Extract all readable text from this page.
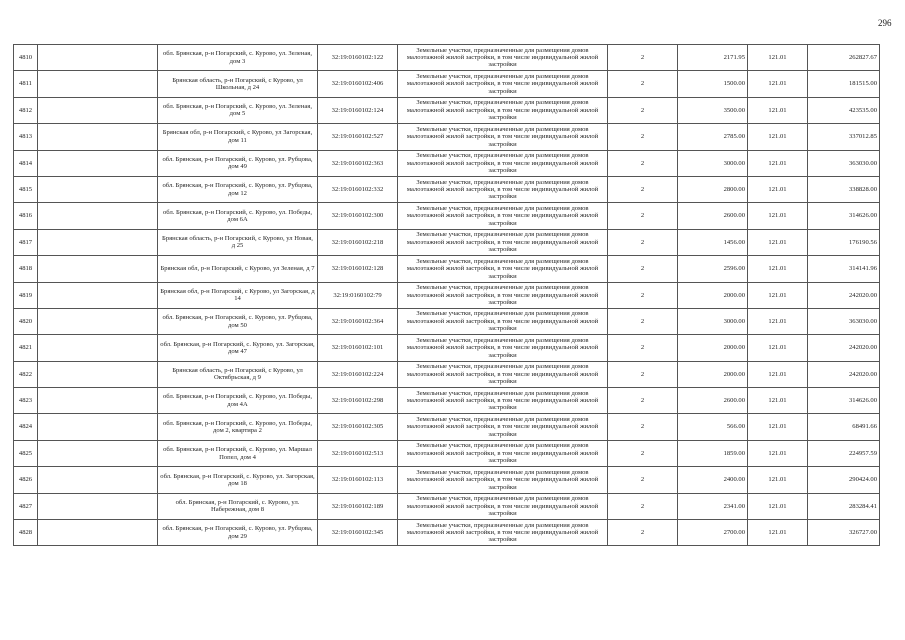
296
4810		обл. Брянская, р-н Погарский, с. Курово, ул. Зеленая, дом 3	32:19:0160102:122	Земельные участки, предназначенные для размещения домов малоэтажной жилой застройки, в том числе индивидуальной жилой застройки	2	2171.95	121.01	262827.67
4811		Брянская область, р-н Погарский, с Курово, ул Школьная, д 24	32:19:0160102:406	Земельные участки, предназначенные для размещения домов малоэтажной жилой застройки, в том числе индивидуальной жилой застройки	2	1500.00	121.01	181515.00
4812		обл. Брянская, р-н Погарский, с. Курово, ул. Зеленая, дом 5	32:19:0160102:124	Земельные участки, предназначенные для размещения домов малоэтажной жилой застройки, в том числе индивидуальной жилой застройки	2	3500.00	121.01	423535.00
4813		Брянская обл, р-н Погарский, с Курово, ул Загорская, дом 11	32:19:0160102:527	Земельные участки, предназначенные для размещения домов малоэтажной жилой застройки, в том числе индивидуальной жилой застройки	2	2785.00	121.01	337012.85
4814		обл. Брянская, р-н Погарский, с. Курово, ул. Рубцова, дом 49	32:19:0160102:363	Земельные участки, предназначенные для размещения домов малоэтажной жилой застройки, в том числе индивидуальной жилой застройки	2	3000.00	121.01	363030.00
4815		обл. Брянская, р-н Погарский, с. Курово, ул. Рубцова, дом 12	32:19:0160102:332	Земельные участки, предназначенные для размещения домов малоэтажной жилой застройки, в том числе индивидуальной жилой застройки	2	2800.00	121.01	338828.00
4816		обл. Брянская, р-н Погарский, с. Курово, ул. Победы, дом 6А	32:19:0160102:300	Земельные участки, предназначенные для размещения домов малоэтажной жилой застройки, в том числе индивидуальной жилой застройки	2	2600.00	121.01	314626.00
4817		Брянская область, р-н Погарский, с Курово, ул Новая, д 25	32:19:0160102:218	Земельные участки, предназначенные для размещения домов малоэтажной жилой застройки, в том числе индивидуальной жилой застройки	2	1456.00	121.01	176190.56
4818		Брянская обл, р-н Погарский, с Курово, ул Зеленая, д 7	32:19:0160102:128	Земельные участки, предназначенные для размещения домов малоэтажной жилой застройки, в том числе индивидуальной жилой застройки	2	2596.00	121.01	314141.96
4819		Брянская обл, р-н Погарский, с Курово, ул Загорская, д 14	32:19:0160102:79	Земельные участки, предназначенные для размещения домов малоэтажной жилой застройки, в том числе индивидуальной жилой застройки	2	2000.00	121.01	242020.00
4820		обл. Брянская, р-н Погарский, с. Курово, ул. Рубцова, дом 50	32:19:0160102:364	Земельные участки, предназначенные для размещения домов малоэтажной жилой застройки, в том числе индивидуальной жилой застройки	2	3000.00	121.01	363030.00
4821		обл. Брянская, р-н Погарский, с. Курово, ул. Загорская, дом 47	32:19:0160102:101	Земельные участки, предназначенные для размещения домов малоэтажной жилой застройки, в том числе индивидуальной жилой застройки	2	2000.00	121.01	242020.00
4822		Брянская область, р-н Погарский, с Курово, ул Октябрьская, д 9	32:19:0160102:224	Земельные участки, предназначенные для размещения домов малоэтажной жилой застройки, в том числе индивидуальной жилой застройки	2	2000.00	121.01	242020.00
4823		обл. Брянская, р-н Погарский, с. Курово, ул. Победы, дом 4А	32:19:0160102:298	Земельные участки, предназначенные для размещения домов малоэтажной жилой застройки, в том числе индивидуальной жилой застройки	2	2600.00	121.01	314626.00
4824		обл. Брянская, р-н Погарский, с. Курово, ул. Победы, дом 2, квартира 2	32:19:0160102:305	Земельные участки, предназначенные для размещения домов малоэтажной жилой застройки, в том числе индивидуальной жилой застройки	2	566.00	121.01	68491.66
4825		обл. Брянская, р-н Погарский, с. Курово, ул. Маршал Попел, дом 4	32:19:0160102:513	Земельные участки, предназначенные для размещения домов малоэтажной жилой застройки, в том числе индивидуальной жилой застройки	2	1859.00	121.01	224957.59
4826		обл. Брянская, р-н Погарский, с. Курово, ул. Загорская, дом 18	32:19:0160102:113	Земельные участки, предназначенные для размещения домов малоэтажной жилой застройки, в том числе индивидуальной жилой застройки	2	2400.00	121.01	290424.00
4827		обл. Брянская, р-н Погарский, с. Курово, ул. Набережная, дом 8	32:19:0160102:189	Земельные участки, предназначенные для размещения домов малоэтажной жилой застройки, в том числе индивидуальной жилой застройки	2	2341.00	121.01	283284.41
4828		обл. Брянская, р-н Погарский, с. Курово, ул. Рубцова, дом 29	32:19:0160102:345	Земельные участки, предназначенные для размещения домов малоэтажной жилой застройки, в том числе индивидуальной жилой застройки	2	2700.00	121.01	326727.00
